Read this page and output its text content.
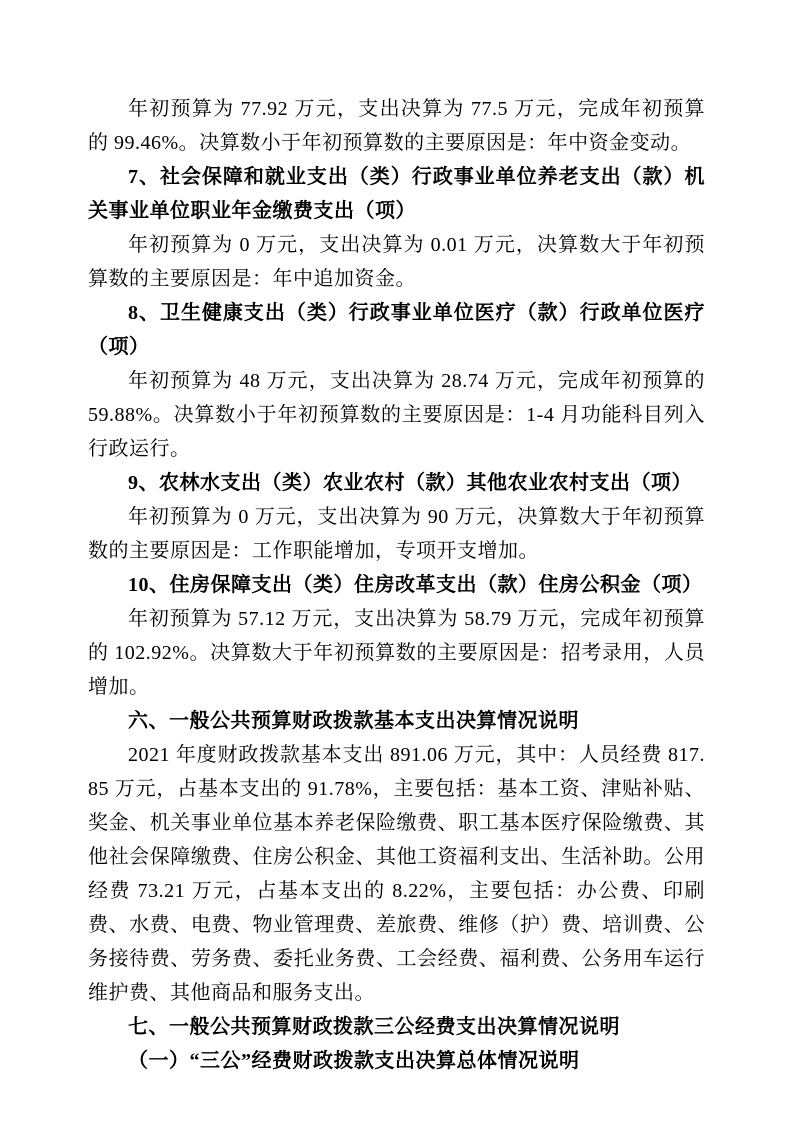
年初预算为 77.92 万元，支出决算为 77.5 万元，完成年初预算的 99.46%。决算数小于年初预算数的主要原因是：年中资金变动。

7、社会保障和就业支出（类）行政事业单位养老支出（款）机关事业单位职业年金缴费支出（项）

年初预算为 0 万元，支出决算为 0.01 万元，决算数大于年初预算数的主要原因是：年中追加资金。

8、卫生健康支出（类）行政事业单位医疗（款）行政单位医疗（项）

年初预算为 48 万元，支出决算为 28.74 万元，完成年初预算的 59.88%。决算数小于年初预算数的主要原因是：1-4 月功能科目列入行政运行。

9、农林水支出（类）农业农村（款）其他农业农村支出（项）

年初预算为 0 万元，支出决算为 90 万元，决算数大于年初预算数的主要原因是：工作职能增加，专项开支增加。

10、住房保障支出（类）住房改革支出（款）住房公积金（项）

年初预算为 57.12 万元，支出决算为 58.79 万元，完成年初预算的 102.92%。决算数大于年初预算数的主要原因是：招考录用，人员增加。

六、一般公共预算财政拨款基本支出决算情况说明

2021 年度财政拨款基本支出 891.06 万元，其中：人员经费 817.85 万元，占基本支出的 91.78%，主要包括：基本工资、津贴补贴、奖金、机关事业单位基本养老保险缴费、职工基本医疗保险缴费、其他社会保障缴费、住房公积金、其他工资福利支出、生活补助。公用经费 73.21 万元，占基本支出的 8.22%，主要包括：办公费、印刷费、水费、电费、物业管理费、差旅费、维修（护）费、培训费、公务接待费、劳务费、委托业务费、工会经费、福利费、公务用车运行维护费、其他商品和服务支出。

七、一般公共预算财政拨款三公经费支出决算情况说明

（一）“三公”经费财政拨款支出决算总体情况说明
